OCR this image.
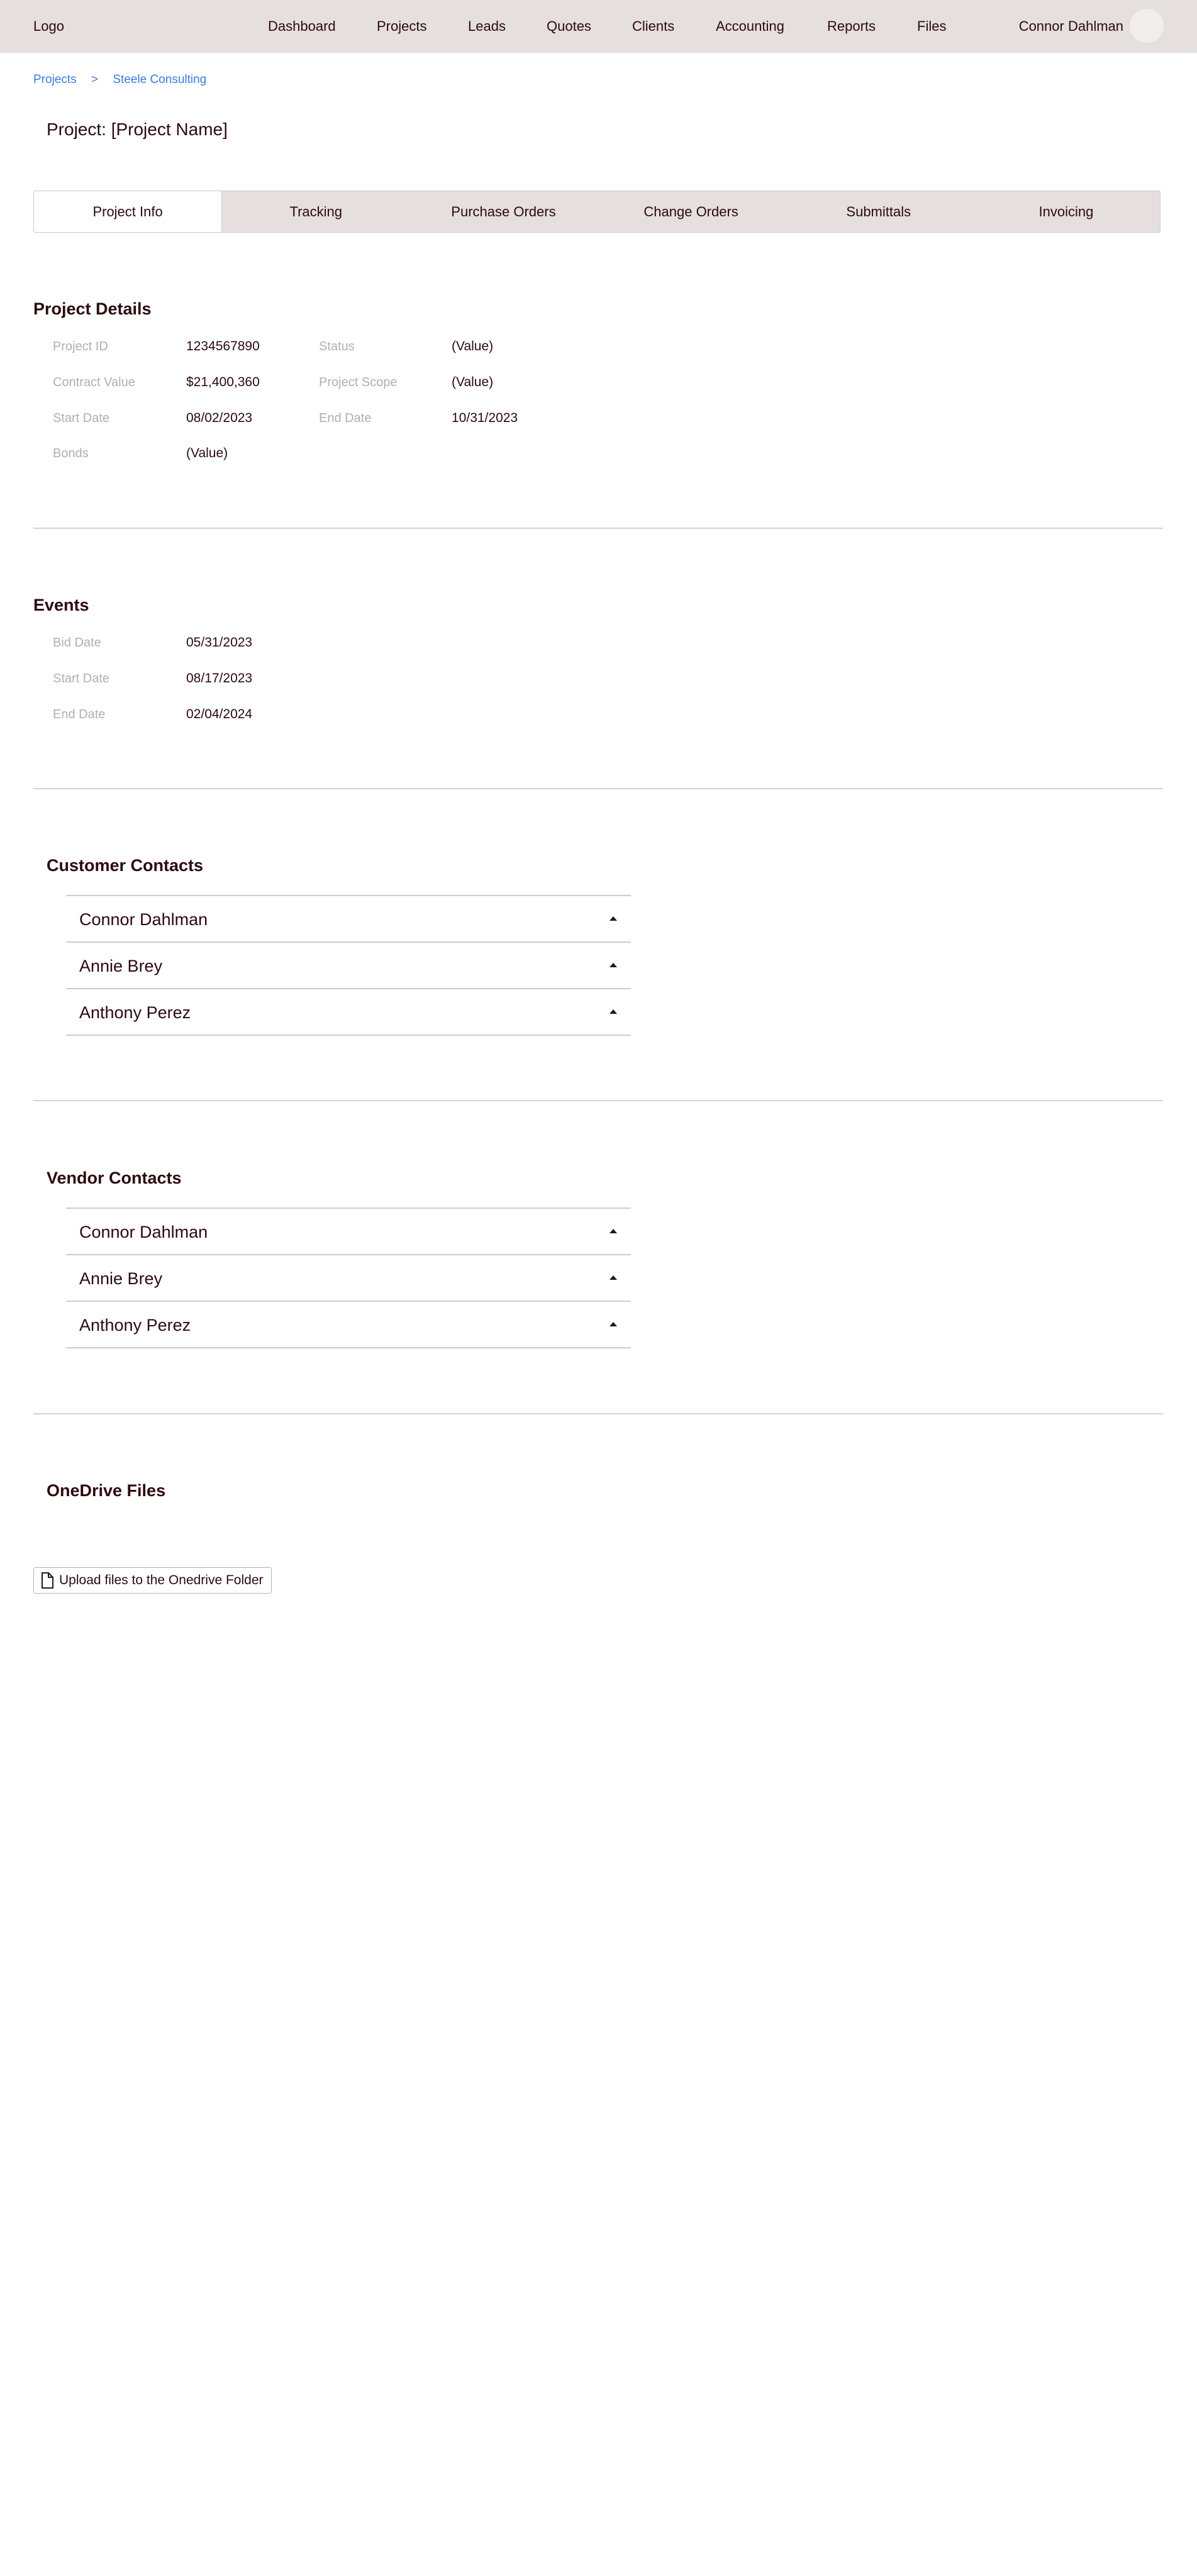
Logo	Dashboard	Projects	Leads	Quotes	Clients	Accounting	Reports	Files	Connor Dahlman
Projects > Steele Consulting
Project: [Project Name]
Project Info	Tracking	Purchase Orders	Change Orders	Submittals	Invoicing
Project Details
Project ID	1234567890	Status	(Value)
Contract Value	$21,400,360	Project Scope	(Value)
Start Date	08/02/2023	End Date	10/31/2023
Bonds	(Value)
Events
Bid Date	05/31/2023
Start Date	08/17/2023
End Date	02/04/2024
Customer Contacts
Connor Dahlman
Annie Brey
Anthony Perez
Vendor Contacts
Connor Dahlman
Annie Brey
Anthony Perez
OneDrive Files
Upload files to the Onedrive Folder
